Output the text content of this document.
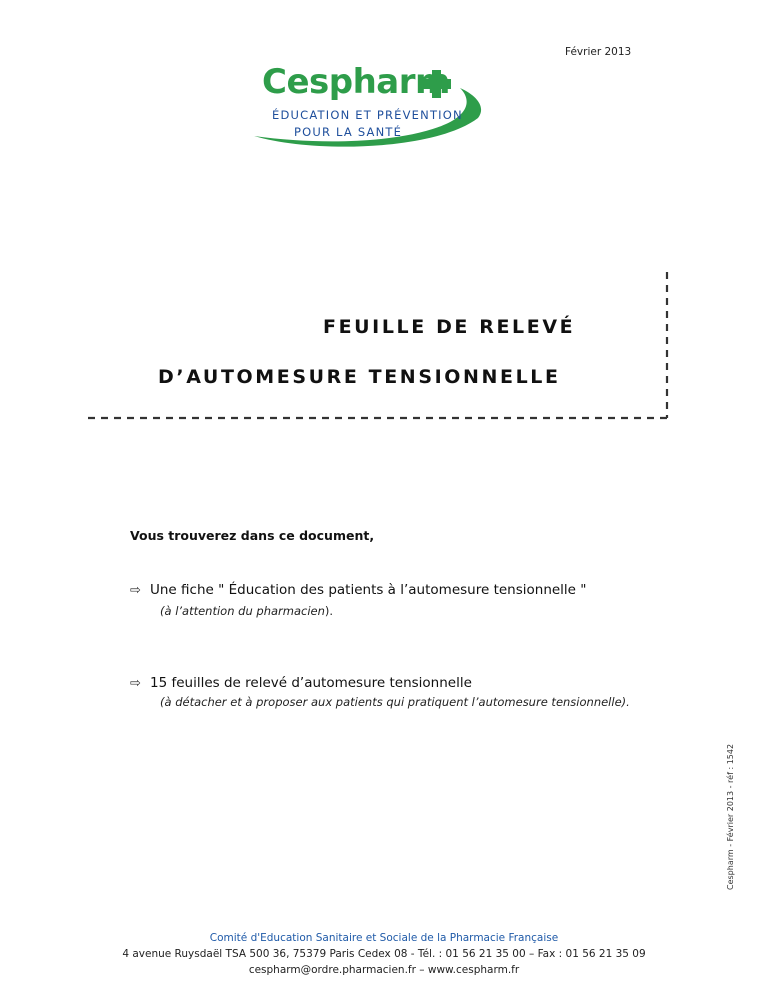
Février 2013
Cespharm
ÉDUCATION ET PRÉVENTION
POUR LA SANTÉ
FEUILLE DE RELEVÉ
D’AUTOMESURE TENSIONNELLE
Vous trouverez dans ce document,
⇨ Une fiche " Éducation des patients à l’automesure tensionnelle "
(à l’attention du pharmacien).
⇨ 15 feuilles de relevé d’automesure tensionnelle
(à détacher et à proposer aux patients qui pratiquent l’automesure tensionnelle).
Cespharm - Février 2013 - réf : 1542
Comité d'Education Sanitaire et Sociale de la Pharmacie Française
4 avenue Ruysdaël TSA 500 36, 75379 Paris Cedex 08 - Tél. : 01 56 21 35 00 – Fax : 01 56 21 35 09
cespharm@ordre.pharmacien.fr – www.cespharm.fr
